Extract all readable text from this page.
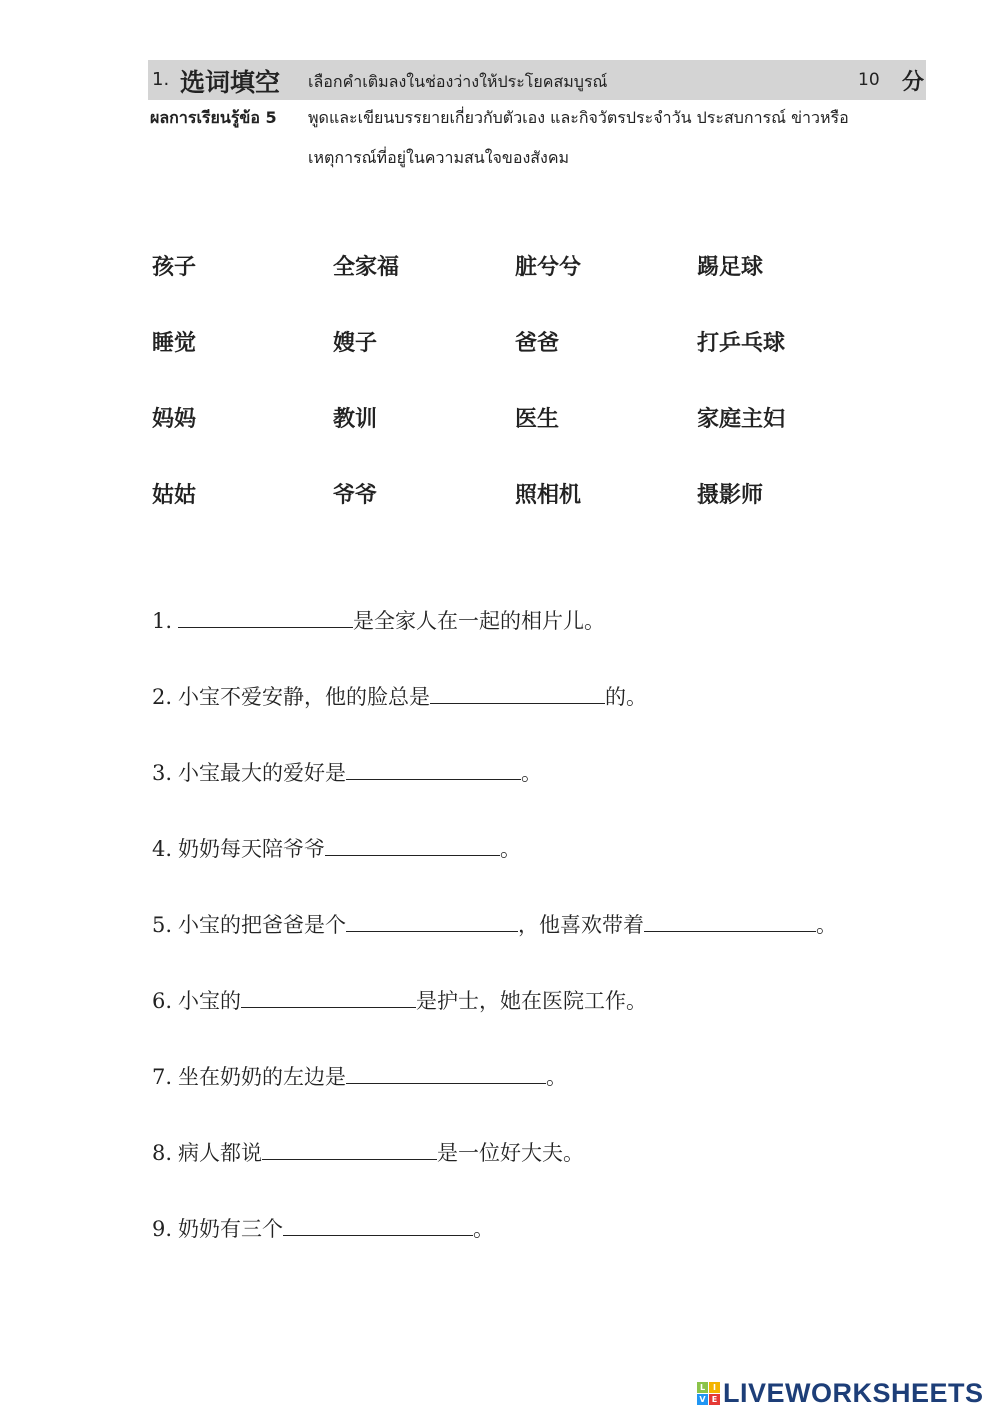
1. 选词填空 เลือกคำเติมลงในช่องว่างให้ประโยคสมบูรณ์	10 分
ผลการเรียนรู้ข้อ 5 พูดและเขียนบรรยายเกี่ยวกับตัวเอง และกิจวัตรประจำวัน ประสบการณ์ ข่าวหรือ
เหตุการณ์ที่อยู่ในความสนใจของสังคม
孩子	全家福	脏兮兮	踢足球
睡觉	嫂子	爸爸	打乒乓球
妈妈	教训	医生	家庭主妇
姑姑	爷爷	照相机	摄影师
1.	是全家人在一起的相片儿。
2. 小宝不爱安静，他的脸总是	的。
3. 小宝最大的爱好是	。
4. 奶奶每天陪爷爷	。
5. 小宝的把爸爸是个	，他喜欢带着	。
6. 小宝的	是护士，她在医院工作。
7. 坐在奶奶的左边是	。
8. 病人都说	是一位好大夫。
9. 奶奶有三个	。
L I
V E LIVEWORKSHEETS
